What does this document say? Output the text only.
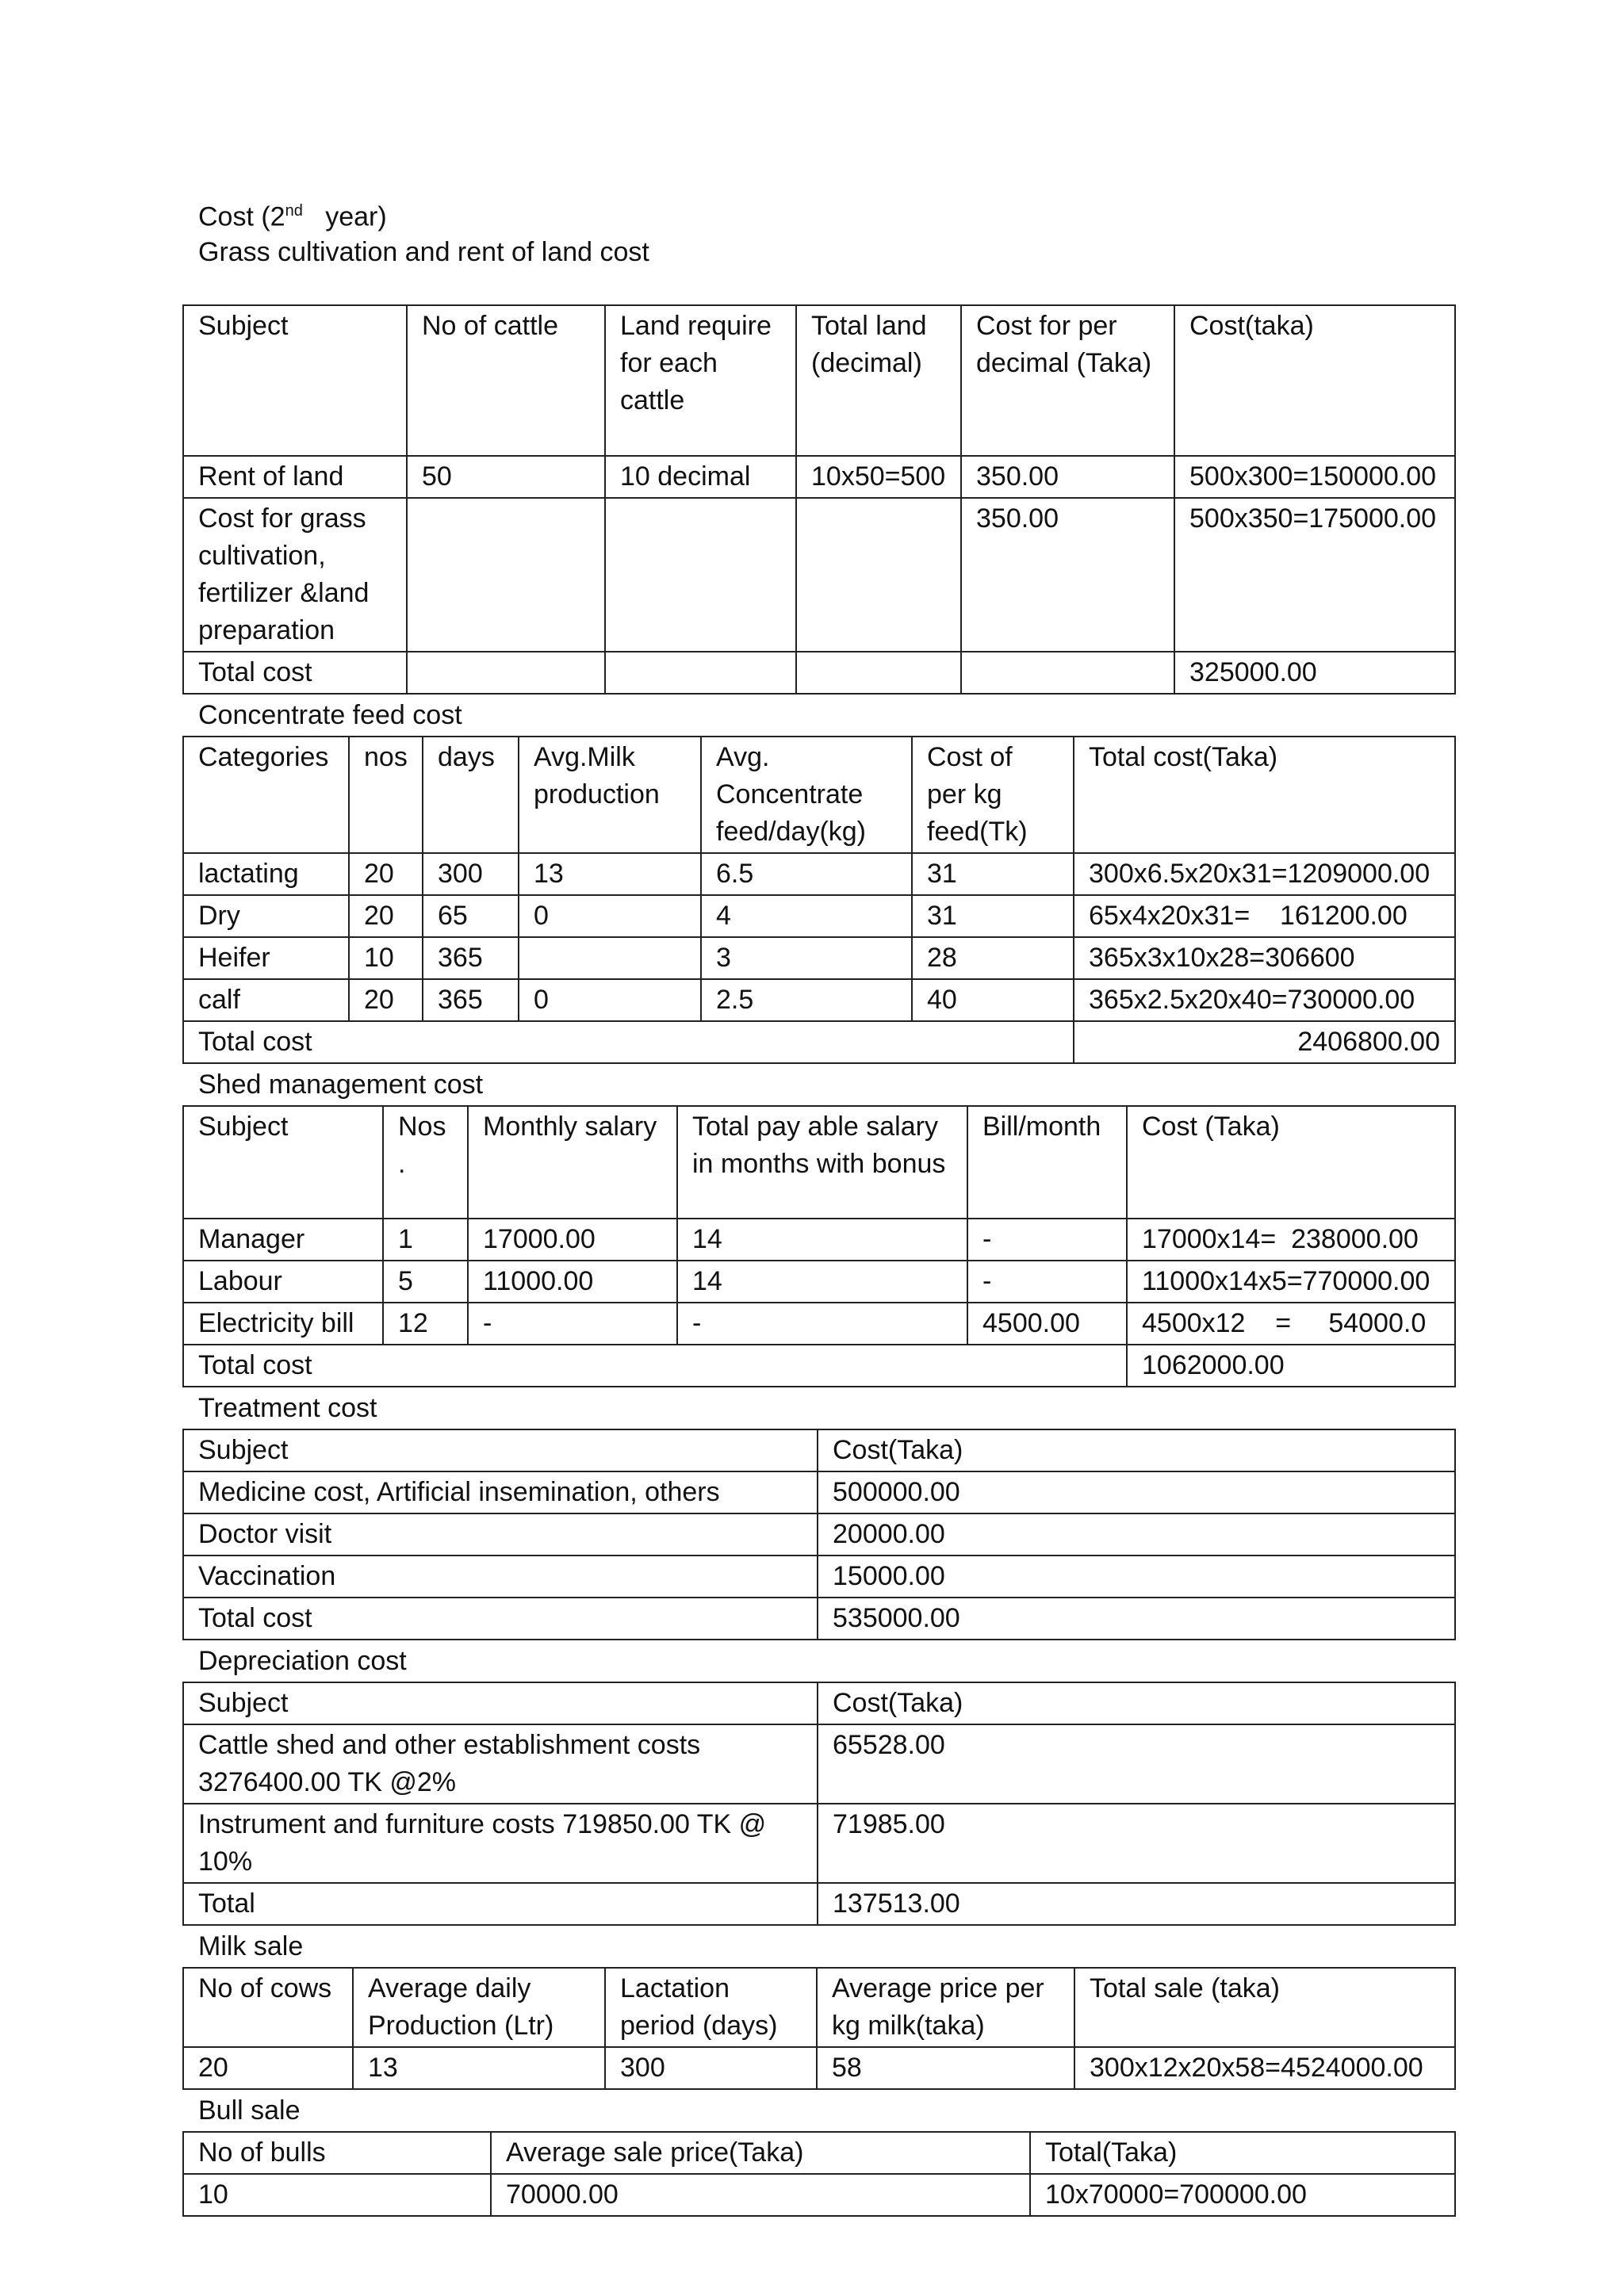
Cost (2nd year)
Grass cultivation and rent of land cost
Subject	No of cattle	Land require for each cattle	Total land (decimal)	Cost for per decimal (Taka)	Cost(taka)
Rent of land	50	10 decimal	10x50=500	350.00	500x300=150000.00
Cost for grass cultivation, fertilizer &land preparation				350.00	500x350=175000.00
Total cost					325000.00
Concentrate feed cost
Categories	nos	days	Avg.Milk production	Avg. Concentrate feed/day(kg)	Cost of per kg feed(Tk)	Total cost(Taka)
lactating	20	300	13	6.5	31	300x6.5x20x31=1209000.00
Dry	20	65	0	4	31	65x4x20x31=    161200.00
Heifer	10	365		3	28	365x3x10x28=306600
calf	20	365	0	2.5	40	365x2.5x20x40=730000.00
Total cost						2406800.00
Shed management cost
Subject	Nos.	Monthly salary	Total pay able salary in months with bonus	Bill/month	Cost (Taka)
Manager	1	17000.00	14	-	17000x14=  238000.00
Labour	5	11000.00	14	-	11000x14x5=770000.00
Electricity bill	12	-	-	4500.00	4500x12    =     54000.0
Total cost					1062000.00
Treatment cost
Subject	Cost(Taka)
Medicine cost, Artificial insemination, others	500000.00
Doctor visit	20000.00
Vaccination	15000.00
Total cost	535000.00
Depreciation cost
Subject	Cost(Taka)
Cattle shed and other establishment costs 3276400.00 TK @2%	65528.00
Instrument and furniture costs 719850.00 TK @ 10%	71985.00
Total	137513.00
Milk sale
No of cows	Average daily Production (Ltr)	Lactation period (days)	Average price per kg milk(taka)	Total sale (taka)
20	13	300	58	300x12x20x58=4524000.00
Bull sale
No of bulls	Average sale price(Taka)	Total(Taka)
10	70000.00	10x70000=700000.00
